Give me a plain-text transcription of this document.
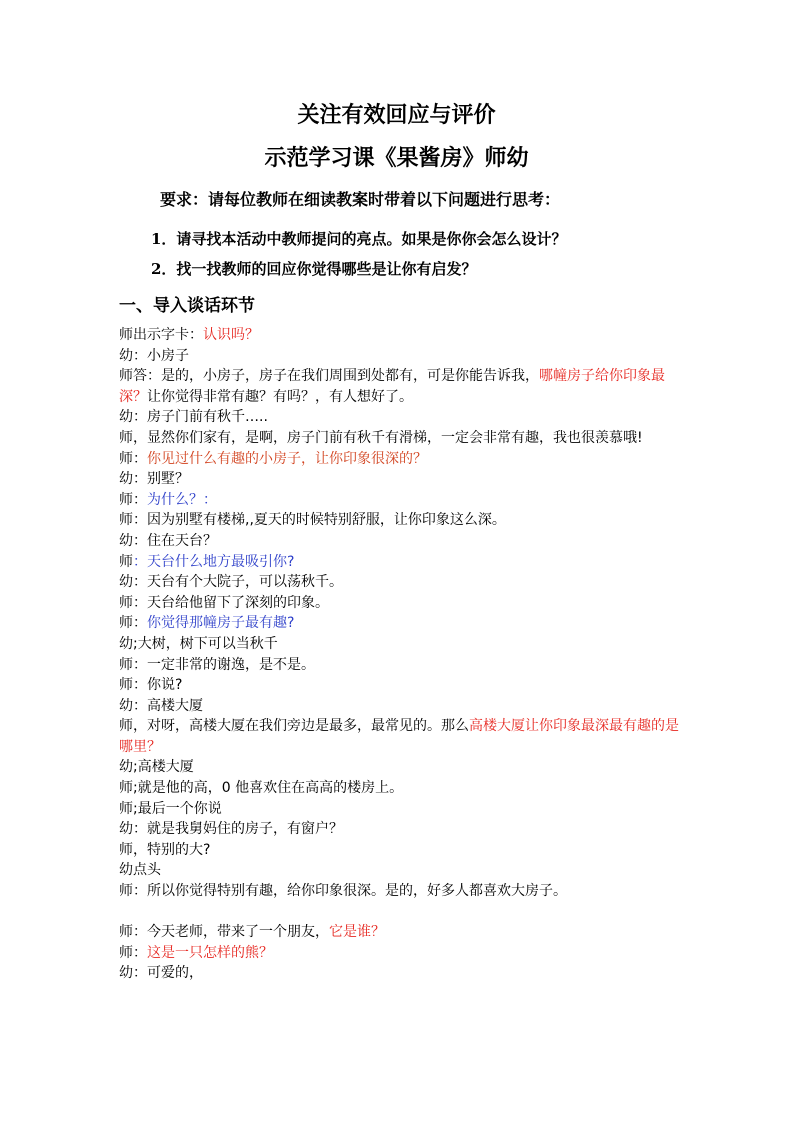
关注有效回应与评价
示范学习课《果酱房》师幼
要求：请每位教师在细读教案时带着以下问题进行思考：
1．请寻找本活动中教师提问的亮点。如果是你你会怎么设计？
2．找一找教师的回应你觉得哪些是让你有启发？
一、导入谈话环节

师出示字卡：认识吗？

幼：小房子

师答：是的，小房子，房子在我们周围到处都有，可是你能告诉我，哪幢房子给你印象最深？让你觉得非常有趣？有吗？，有人想好了。

幼：房子门前有秋千…..

师，显然你们家有，是啊，房子门前有秋千有滑梯，一定会非常有趣，我也很羡慕哦!

师：你见过什么有趣的小房子，让你印象很深的？

幼：别墅？

师：为什么？：

师：因为别墅有楼梯,,夏天的时候特别舒服，让你印象这么深。

幼：住在天台？

师：天台什么地方最吸引你?

幼：天台有个大院子，可以荡秋千。

师：天台给他留下了深刻的印象。

师：你觉得那幢房子最有趣?

幼;大树，树下可以当秋千

师：一定非常的谢逸，是不是。

师：你说?

幼：高楼大厦

师，对呀，高楼大厦在我们旁边是最多，最常见的。那么高楼大厦让你印象最深最有趣的是哪里？

幼;高楼大厦

师;就是他的高，0 他喜欢住在高高的楼房上。

师;最后一个你说

幼：就是我舅妈住的房子，有窗户？

师，特别的大?

幼点头

师：所以你觉得特别有趣，给你印象很深。是的，好多人都喜欢大房子。

师：今天老师，带来了一个朋友，它是谁？

师：这是一只怎样的熊？

幼：可爱的，
